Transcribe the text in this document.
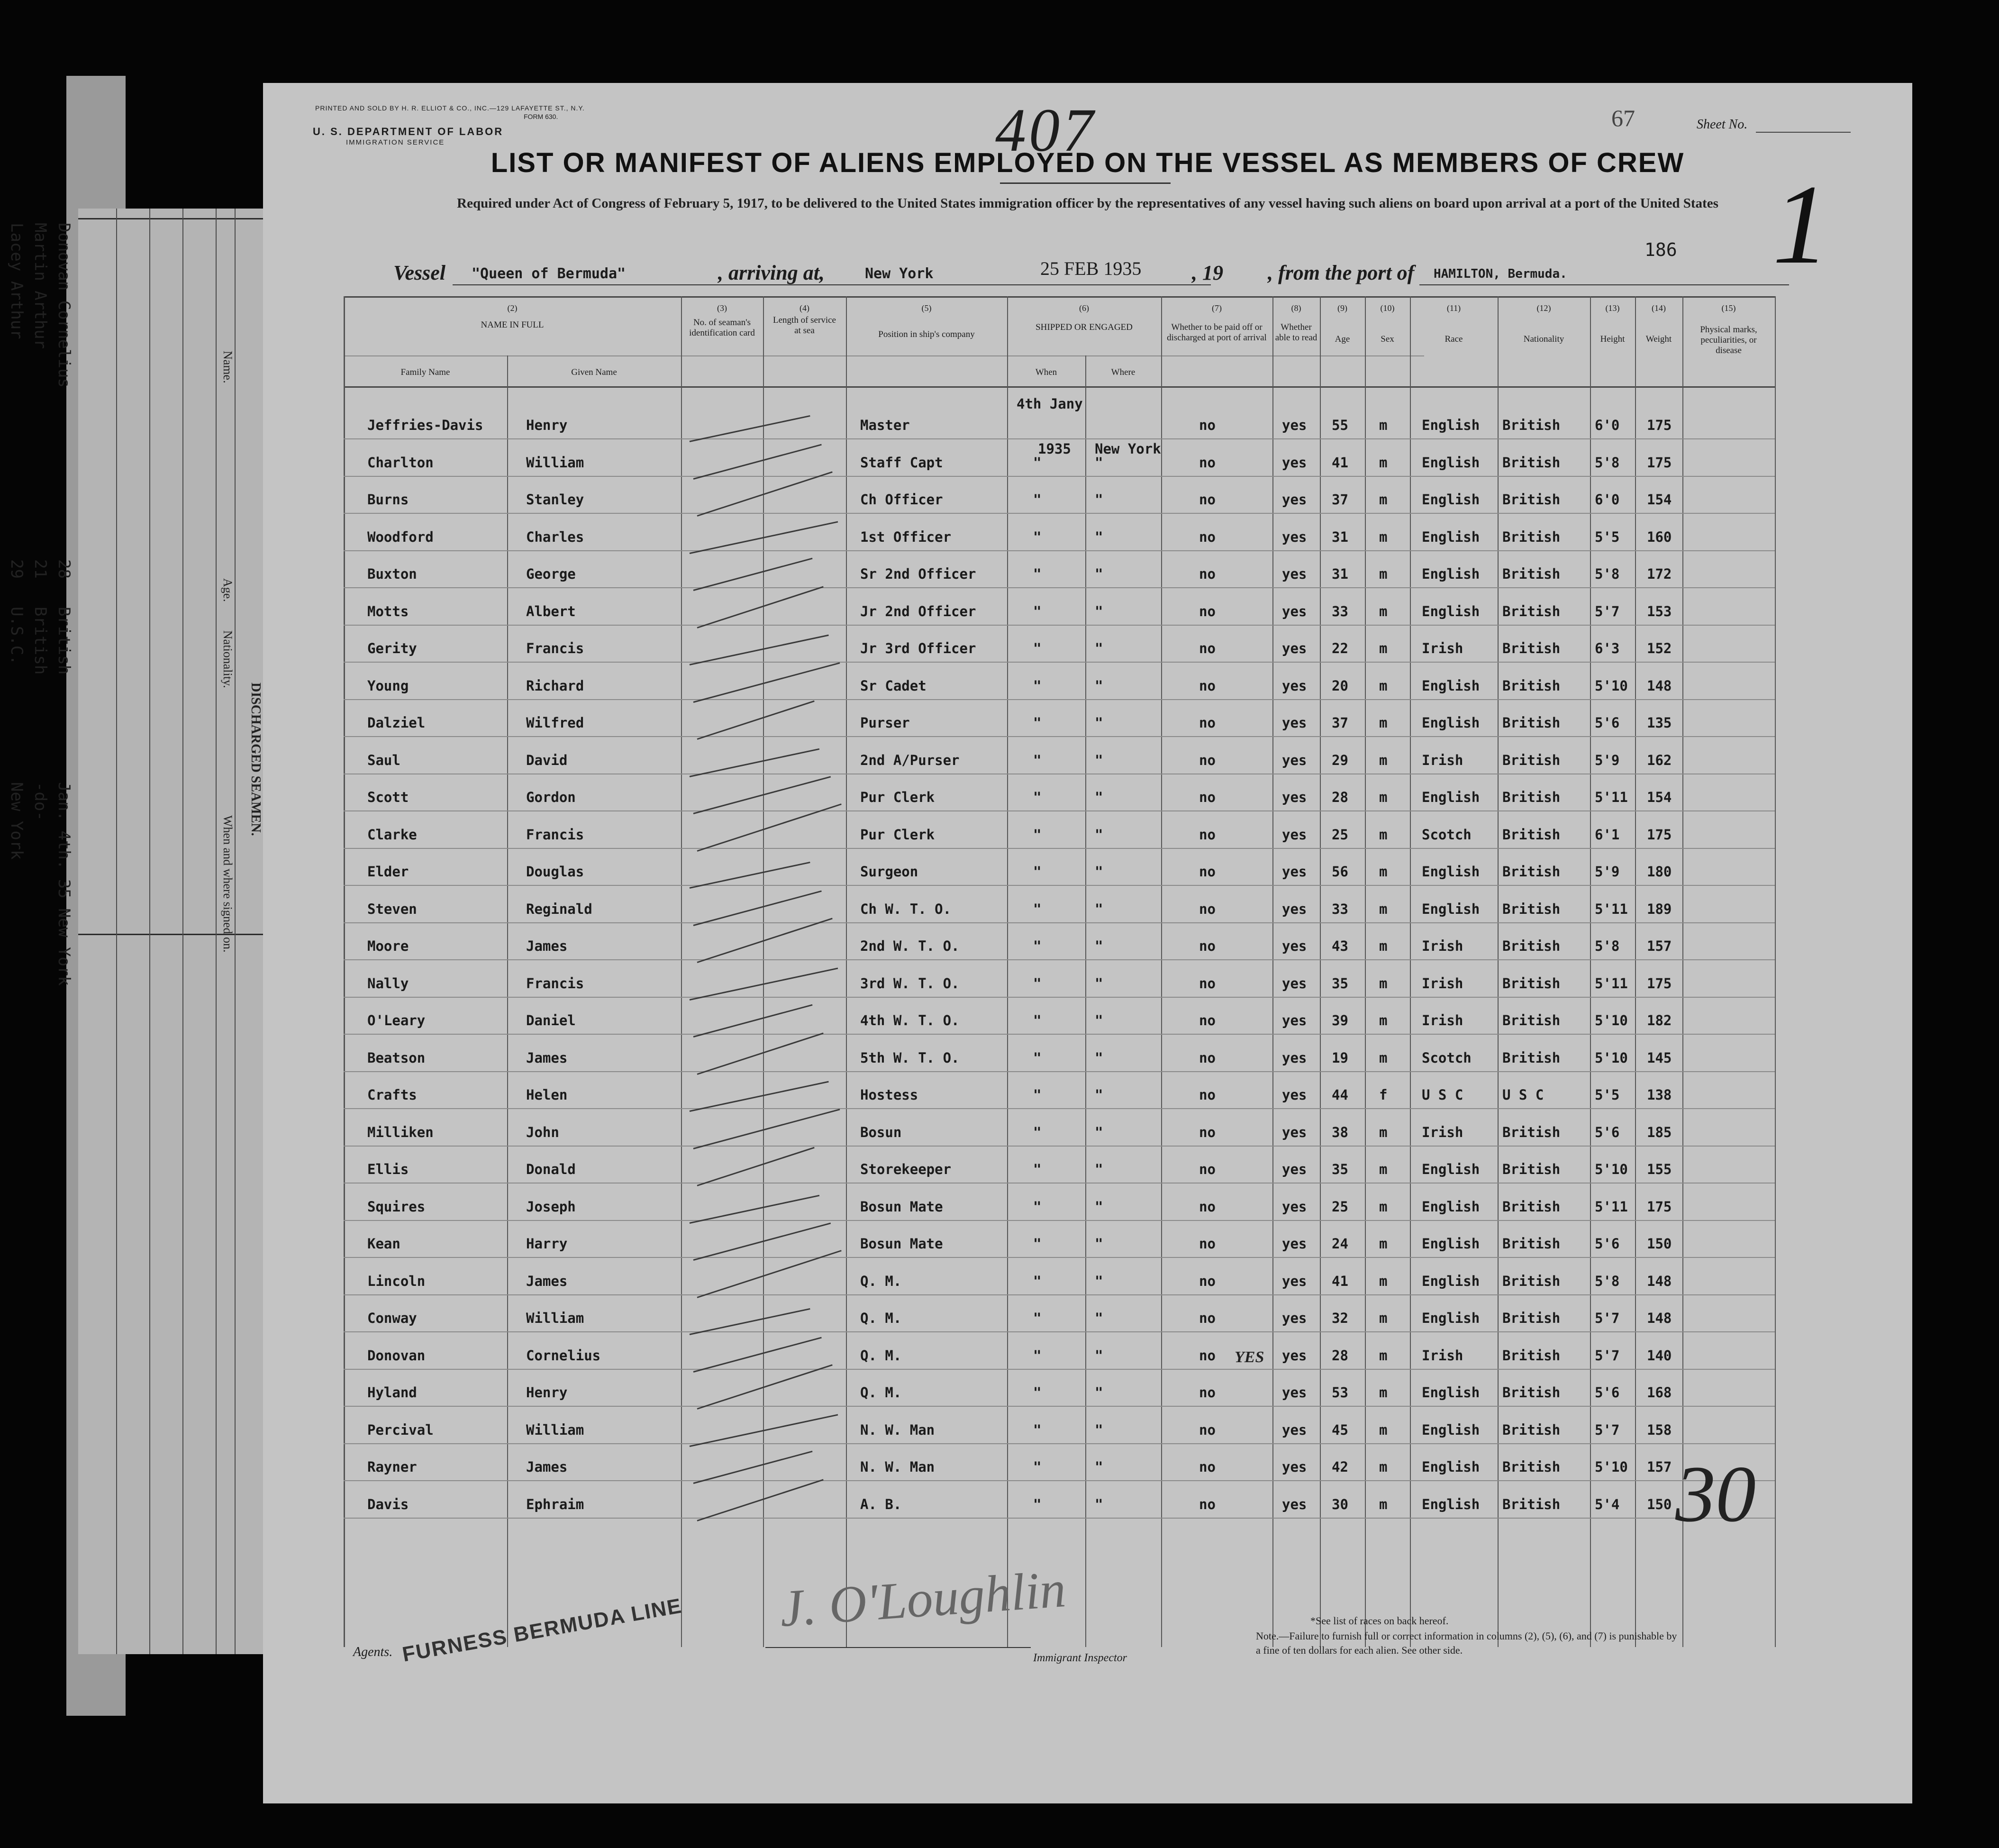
DISCHARGED SEAMEN.
Name.
Age.
Nationality.
When and where signed on.
Donovan Cornelius
Martin Arthur
Lacey Arthur
28
21
29
British
British
U.S.C.
Jan. 4th. 35 New York
-do-
New York
PRINTED AND SOLD BY H. R. ELLIOT & CO., INC.—129 LAFAYETTE ST., N.Y.
FORM 630.
U. S. DEPARTMENT OF LABOR
IMMIGRATION SERVICE	407	67	Sheet No.
1
LIST OR MANIFEST OF ALIENS EMPLOYED ON THE VESSEL AS MEMBERS OF CREW
Required under Act of Congress of February 5, 1917, to be delivered to the United States immigration officer by the representatives of any vessel having such aliens on board upon arrival at a port of the United States
186
Vessel "Queen of Bermuda"	, arriving at,	New York	25 FEB 1935 , 19 , from the port of HAMILTON, Bermuda.
(2)	(3)	(4)	(5)	(6)	(7)	(8)	(9)	(10)	(11)	(12)	(13)	(14)	(15)
NAME IN FULL	No. of seaman's identification card
Length of service at sea	Position in ship's company
SHIPPED OR ENGAGED	Whether to be paid off or discharged at port of arrival
Whether able to read	Age	Sex	Race	Nationality	Height	Weight
Physical marks, peculiarities, or disease
Family Name	Given Name	When	Where
Jeffries-Davis	Henry	Master
1935 New York
no	yes 55 m	English British	6'0 175
Charlton	William	Staff Capt	"	"	no	yes 41 m	English British	5'8 175
Burns	Stanley	Ch Officer	"	"	no	yes 37 m	English British	6'0 154
Woodford	Charles	1st Officer	"	"	no	yes 31 m	English British	5'5 160
Buxton	George	Sr 2nd Officer	"	"	no	yes 31 m	English British	5'8 172
Motts	Albert	Jr 2nd Officer	"	"	no	yes 33 m	English British	5'7 153
Gerity	Francis	Jr 3rd Officer	"	"	no	yes 22 m	Irish	British	6'3 152
Young	Richard	Sr Cadet	"	"	no	yes 20 m	English British	5'10 148
Dalziel	Wilfred	Purser	"	"	no	yes 37 m	English British	5'6 135
Saul	David	2nd A/Purser	"	"	no	yes 29 m	Irish	British	5'9 162
Scott	Gordon	Pur Clerk	"	"	no	yes 28 m	English British	5'11 154
Clarke	Francis	Pur Clerk	"	"	no	yes 25 m	Scotch British	6'1 175
Elder	Douglas	Surgeon	"	"	no	yes 56 m	English British	5'9 180
Steven	Reginald	Ch W. T. O.	"	"	no	yes 33 m	English British	5'11 189
Moore	James	2nd W. T. O.	"	"	no	yes 43 m	Irish	British	5'8 157
Nally	Francis	3rd W. T. O.	"	"	no	yes 35 m	Irish	British	5'11 175
O'Leary	Daniel	4th W. T. O.	"	"	no	yes 39 m	Irish	British	5'10 182
Beatson	James	5th W. T. O.	"	"	no	yes 19 m	Scotch British	5'10 145
Crafts	Helen	Hostess	"	"	no	yes 44 f	U S C	U S C	5'5 138
Milliken	John	Bosun	"	"	no	yes 38 m	Irish	British	5'6 185
Ellis	Donald	Storekeeper	"	"	no	yes 35 m	English British	5'10 155
Squires	Joseph	Bosun Mate	"	"	no	yes 25 m	English British	5'11 175
Kean	Harry	Bosun Mate	"	"	no	yes 24 m	English British	5'6 150
Lincoln	James	Q. M.	"	"	no	yes 41 m	English British	5'8 148
Conway	William	Q. M.	"	"	no	yes 32 m	English British	5'7 148
Donovan	Cornelius	Q. M.	"	"	no	yes 28 m	Irish	British	5'7 140
YES
Hyland	Henry	Q. M.	"	"	no	yes 53 m	English British	5'6 168
Percival	William	N. W. Man	"	"	no	yes 45 m	English British	5'7 158
Rayner	James	N. W. Man	"	"	no	yes 42 m	English British	5'10 157
Davis	Ephraim	A. B.	"	"	no	yes 30 m	English British	5'4 150
4th Jany
30
Agents. FURNESS BERMUDA LINE J. O'Loughlin
Immigrant Inspector
*See list of races on back hereof.
Note.—Failure to furnish full or correct information in columns (2), (5), (6), and (7) is punishable by a fine of ten dollars for each alien. See other side.
